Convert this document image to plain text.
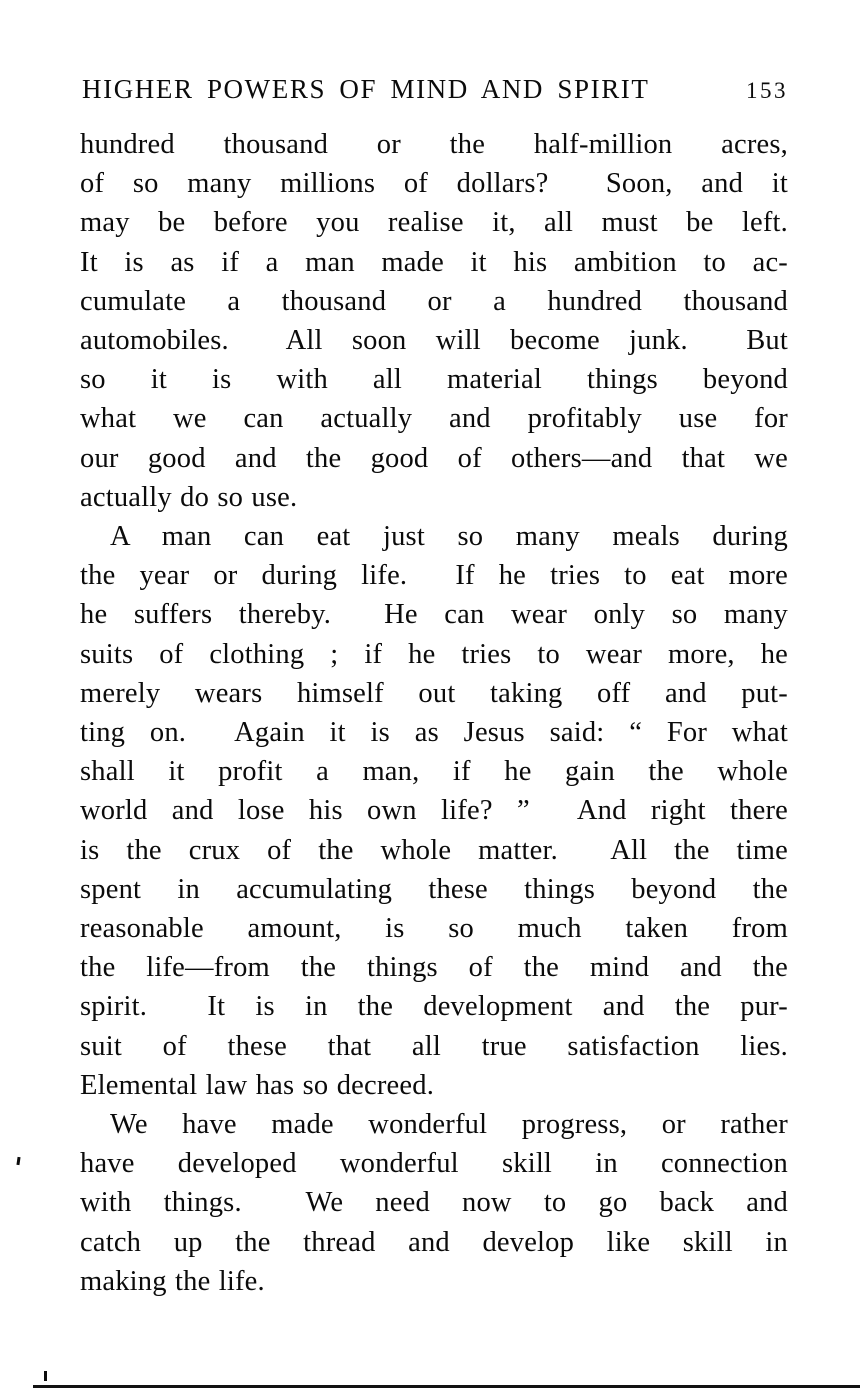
HIGHER POWERS OF MIND AND SPIRIT	153
hundred thousand or the half-million acres,
of so many millions of dollars?  Soon, and it
may be before you realise it, all must be left.
It is as if a man made it his ambition to ac-
cumulate a thousand or a hundred thousand
automobiles.  All soon will become junk.  But
so it is with all material things beyond
what we can actually and profitably use for
our good and the good of others—and that we
actually do so use.
A man can eat just so many meals during
the year or during life.  If he tries to eat more
he suffers thereby.  He can wear only so many
suits of clothing ; if he tries to wear more, he
merely wears himself out taking off and put-
ting on.  Again it is as Jesus said: “ For what
shall it profit a man, if he gain the whole
world and lose his own life? ”  And right there
is the crux of the whole matter.  All the time
spent in accumulating these things beyond the
reasonable amount, is so much taken from
the life—from the things of the mind and the
spirit.  It is in the development and the pur-
suit of these that all true satisfaction lies.
Elemental law has so decreed.
We have made wonderful progress, or rather
have developed wonderful skill in connection
with things.  We need now to go back and
catch up the thread and develop like skill in
making the life.
